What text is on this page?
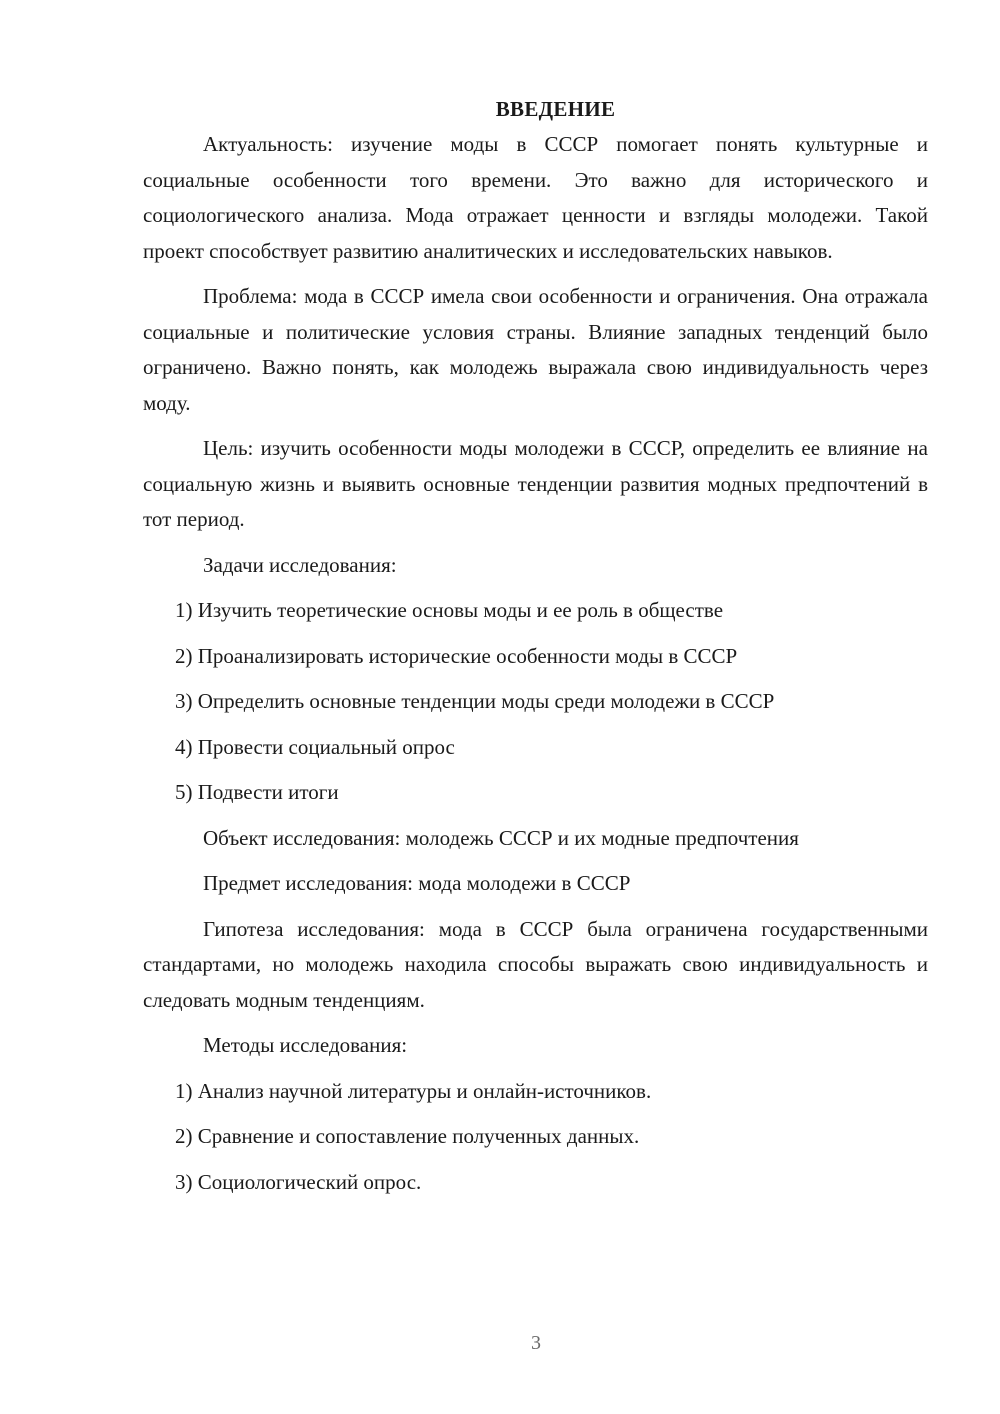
ВВЕДЕНИЕ

Актуальность: изучение моды в СССР помогает понять культурные и социальные особенности того времени. Это важно для исторического и социологического анализа. Мода отражает ценности и взгляды молодежи. Такой проект способствует развитию аналитических и исследовательских навыков.

Проблема: мода в СССР имела свои особенности и ограничения. Она отражала социальные и политические условия страны. Влияние западных тенденций было ограничено. Важно понять, как молодежь выражала свою индивидуальность через моду.

Цель: изучить особенности моды молодежи в СССР, определить ее влияние на социальную жизнь и выявить основные тенденции развития модных предпочтений в тот период.

Задачи исследования:
1) Изучить теоретические основы моды и ее роль в обществе
2) Проанализировать исторические особенности моды в СССР
3) Определить основные тенденции моды среди молодежи в СССР
4) Провести социальный опрос
5) Подвести итоги
Объект исследования: молодежь СССР и их модные предпочтения
Предмет исследования: мода молодежи в СССР

Гипотеза исследования: мода в СССР была ограничена государственными стандартами, но молодежь находила способы выражать свою индивидуальность и следовать модным тенденциям.

Методы исследования:
1) Анализ научной литературы и онлайн-источников.
2) Сравнение и сопоставление полученных данных.
3) Социологический опрос.
3
